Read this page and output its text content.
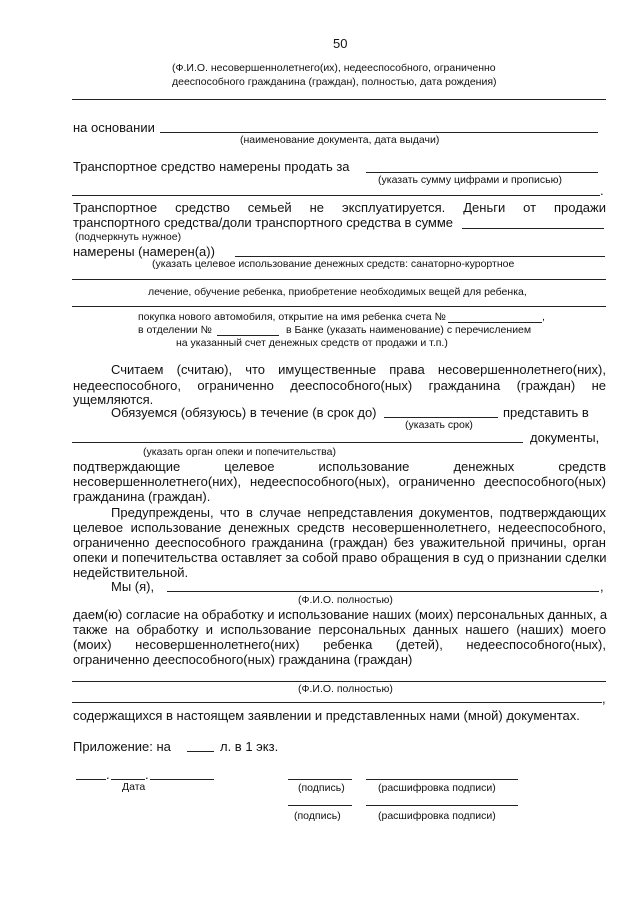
50
(Ф.И.О. несовершеннолетнего(их), недееспособного, ограниченно
дееспособного гражданина (граждан), полностью, дата рождения)
на основании
(наименование документа, дата выдачи)
Транспортное средство намерены продать за
(указать сумму цифрами и прописью)
.
Транспортное средство семьей не эксплуатируется. Деньги от продажи
транспортного средства/доли транспортного средства в сумме
(подчеркнуть нужное)
намерены (намерен(а))
(указать целевое использование денежных средств: санаторно-курортное
лечение, обучение ребенка, приобретение необходимых вещей для ребенка,
покупка нового автомобиля, открытие на имя ребенка счета №	,
в отделении №	в Банке (указать наименование) с перечислением
на указанный счет денежных средств от продажи и т.п.)
Считаем (считаю), что имущественные права несовершеннолетнего(них),
недееспособного, ограниченно дееспособного(ных) гражданина (граждан) не
ущемляются.
Обязуемся (обязуюсь) в течение (в срок до)	представить в
(указать срок)
документы,
(указать орган опеки и попечительства)
подтверждающие целевое использование денежных средств
несовершеннолетнего(них), недееспособного(ных), ограниченно дееспособного(ных)
гражданина (граждан).
Предупреждены, что в случае непредставления документов, подтверждающих
целевое использование денежных средств несовершеннолетнего, недееспособного,
ограниченно дееспособного гражданина (граждан) без уважительной причины, орган
опеки и попечительства оставляет за собой право обращения в суд о признании сделки
недействительной.
Мы (я),	,
(Ф.И.О. полностью)
даем(ю) согласие на обработку и использование наших (моих) персональных данных, а
также на обработку и использование персональных данных нашего (наших) моего
(моих) несовершеннолетнего(них) ребенка (детей), недееспособного(ных),
ограниченно дееспособного(ных) гражданина (граждан)
(Ф.И.О. полностью)
,
содержащихся в настоящем заявлении и представленных нами (мной) документах.
Приложение: на	л. в 1 экз.
.	.
Дата	(подпись)	(расшифровка подписи)
(подпись)	(расшифровка подписи)
